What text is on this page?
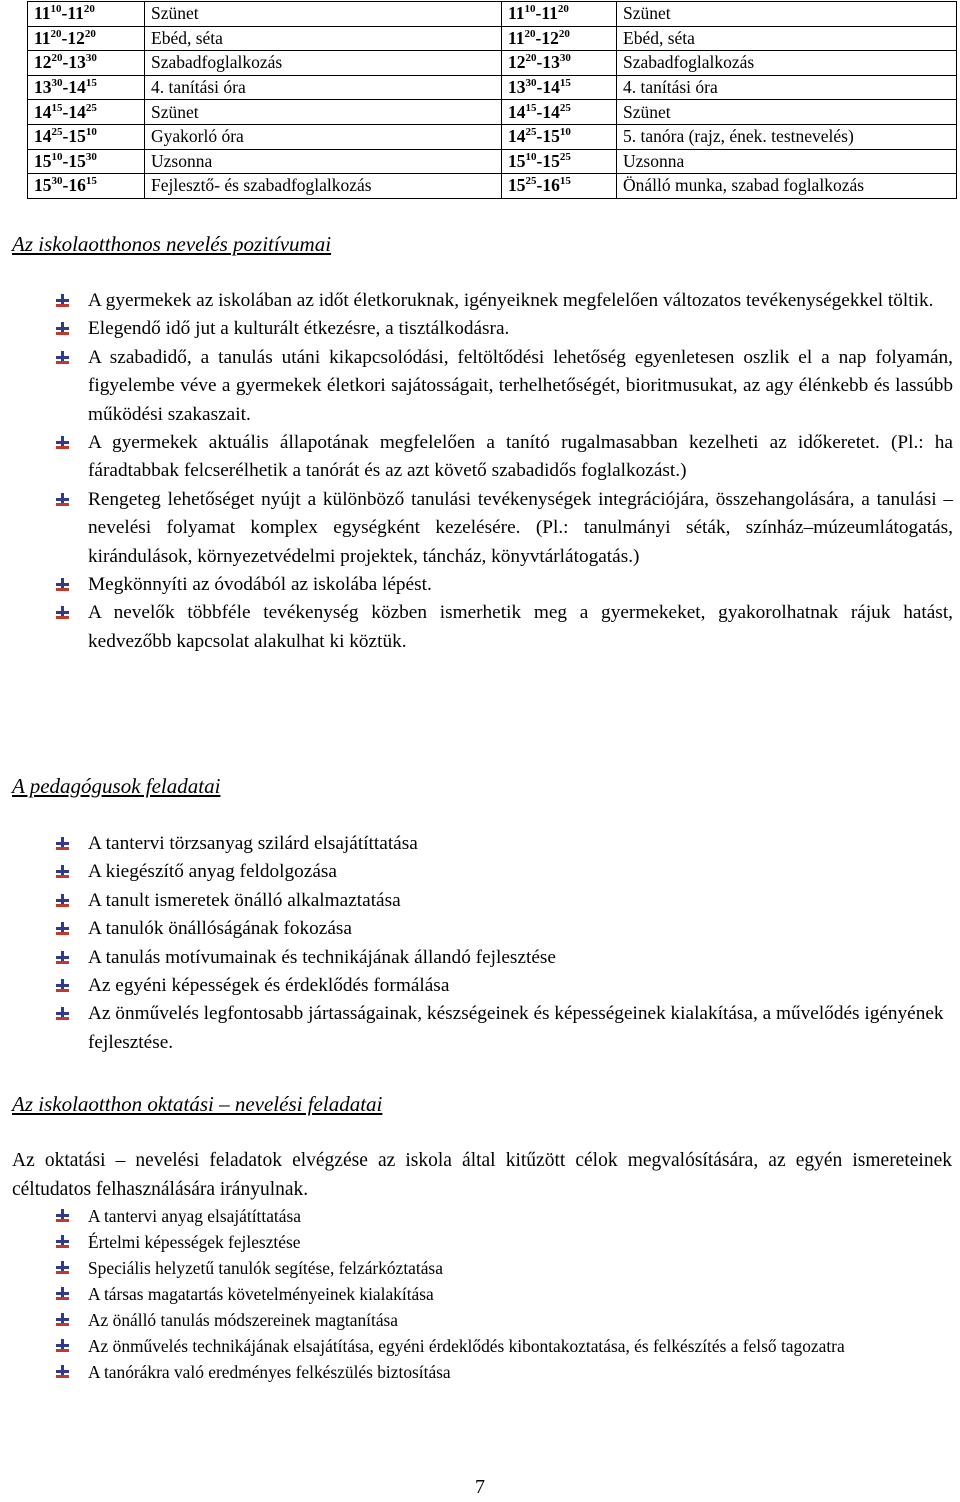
$11^{10}-11^{20}$	Szünet	$11^{10}-11^{20}$	Szünet
$11^{20}-12^{20}$	Ebéd, séta	$11^{20}-12^{20}$	Ebéd, séta
$12^{20}-13^{30}$	Szabadfoglalkozás	$12^{20}-13^{30}$	Szabadfoglalkozás
$13^{30}-14^{15}$	4. tanítási óra	$13^{30}-14^{15}$	4. tanítási óra
$14^{15}-14^{25}$	Szünet	$14^{15}-14^{25}$	Szünet
$14^{25}-15^{10}$	Gyakorló óra	$14^{25}-15^{10}$	5. tanóra (rajz, ének. testnevelés)
$15^{10}-15^{30}$	Uzsonna	$15^{10}-15^{25}$	Uzsonna
$15^{30}-16^{15}$	Fejlesztő- és szabadfoglalkozás	$15^{25}-16^{15}$	Önálló munka, szabad foglalkozás
Az iskolaotthonos nevelés pozitívumai
A gyermekek az iskolában az időt életkoruknak, igényeiknek megfelelően változatos tevékenységekkel töltik.
Elegendő idő jut a kulturált étkezésre, a tisztálkodásra.
A szabadidő, a tanulás utáni kikapcsolódási, feltöltődési lehetőség egyenletesen oszlik el a nap folyamán, figyelembe véve a gyermekek életkori sajátosságait, terhelhetőségét, bioritmusukat, az agy élénkebb és lassúbb működési szakaszait.
A gyermekek aktuális állapotának megfelelően a tanító rugalmasabban kezelheti az időkeretet. (Pl.: ha fáradtabbak felcserélhetik a tanórát és az azt követő szabadidős foglalkozást.)
Rengeteg lehetőséget nyújt a különböző tanulási tevékenységek integrációjára, összehangolására, a tanulási – nevelési folyamat komplex egységként kezelésére. (Pl.: tanulmányi séták, színház–múzeumlátogatás, kirándulások, környezetvédelmi projektek, táncház, könyvtárlátogatás.)
Megkönnyíti az óvodából az iskolába lépést.
A nevelők többféle tevékenység közben ismerhetik meg a gyermekeket, gyakorolhatnak rájuk hatást, kedvezőbb kapcsolat alakulhat ki köztük.
A pedagógusok feladatai
A tantervi törzsanyag szilárd elsajátíttatása
A kiegészítő anyag feldolgozása
A tanult ismeretek önálló alkalmaztatása
A tanulók önállóságának fokozása
A tanulás motívumainak és technikájának állandó fejlesztése
Az egyéni képességek és érdeklődés formálása
Az önművelés legfontosabb jártasságainak, készségeinek és képességeinek kialakítása, a művelődés igényének fejlesztése.
Az iskolaotthon oktatási – nevelési feladatai

Az oktatási – nevelési feladatok elvégzése az iskola által kitűzött célok megvalósítására, az egyén ismereteinek céltudatos felhasználására irányulnak.

A tantervi anyag elsajátíttatása
Értelmi képességek fejlesztése
Speciális helyzetű tanulók segítése, felzárkóztatása
A társas magatartás követelményeinek kialakítása
Az önálló tanulás módszereinek magtanítása
Az önművelés technikájának elsajátítása, egyéni érdeklődés kibontakoztatása, és felkészítés a felső tagozatra
A tanórákra való eredményes felkészülés biztosítása
7
